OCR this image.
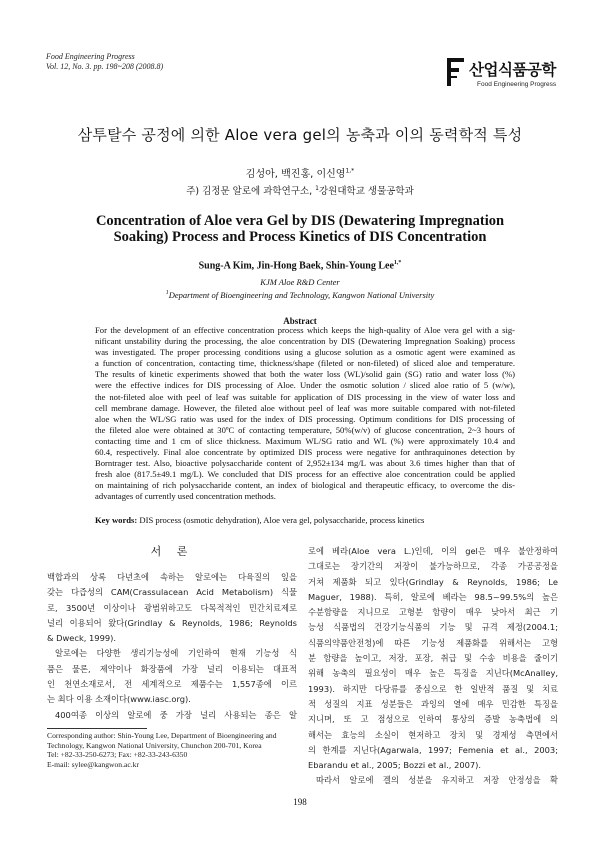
Food Engineering Progress
Vol. 12, No. 3. pp. 198~208 (2008.8)	산업식품공학
Food Engineering Progress
삼투탈수 공정에 의한 Aloe vera gel의 농축과 이의 동력학적 특성
김성아, 백진홍, 이신영$^{1,*}$
주) 김정문 알로에 과학연구소, $^1$강원대학교 생물공학과
Concentration of Aloe vera Gel by DIS (Dewatering Impregnation
Soaking) Process and Process Kinetics of DIS Concentration
Sung-A Kim, Jin-Hong Baek, Shin-Young Lee$^{1,*}$
KJM Aloe R&D Center
$^1$Department of Bioengineering and Technology, Kangwon National University
Abstract
For the development of an effective concentration process which keeps the high-quality of Aloe vera gel with a sig-
nificant unstability during the processing, the aloe concentration by DIS (Dewatering Impregnation Soaking) process
was investigated. The proper processing conditions using a glucose solution as a osmotic agent were examined as
a function of concentration, contacting time, thickness/shape (fileted or non-fileted) of sliced aloe and temperature.
The results of kinetic experiments showed that both the water loss (WL)/solid gain (SG) ratio and water loss (%)
were the effective indices for DIS processing of Aloe. Under the osmotic solution / sliced aloe ratio of 5 (w/w),
the not-fileted aloe with peel of leaf was suitable for application of DIS processing in the view of water loss and
cell membrane damage. However, the fileted aloe without peel of leaf was more suitable compared with not-fileted
aloe when the WL/SG ratio was used for the index of DIS processing. Optimum conditions for DIS processing of
the fileted aloe were obtained at 30ºC of contacting temperature, 50%(w/v) of glucose concentration, 2~3 hours of
contacting time and 1 cm of slice thickness. Maximum WL/SG ratio and WL (%) were approximately 10.4 and
60.4, respectively. Final aloe concentrate by optimized DIS process were negative for anthraquinones detection by
Borntrager test. Also, bioactive polysaccharide content of 2,952±134 mg/L was about 3.6 times higher than that of
fresh aloe (817.5±49.1 mg/L). We concluded that DIS process for an effective aloe concentration could be applied
on maintaining of rich polysaccharide content, an index of biological and therapeutic efficacy, to overcome the dis-
advantages of currently used concentration methods.
Key words: DIS process (osmotic dehydration), Aloe vera gel, polysaccharide, process kinetics
서 론
백합과의 상록 다년초에 속하는 알로에는 다육질의 잎을
갖는 다즙성의 CAM(Crassulacean Acid Metabolism) 식물
로, 3500년 이상이나 광범위하고도 다목적적인 민간치료제로
널리 이용되어 왔다(Grindlay & Reynolds, 1986; Reynolds
& Dweck, 1999).
알로에는 다양한 생리기능성에 기인하여 현재 기능성 식
품은 물론, 제약이나 화장품에 가장 널리 이용되는 대표적
인 천연소재로서, 전 세계적으로 제품수는 1,557종에 이르
는 최다 이용 소재이다(www.iasc.org).
400여종 이상의 알로에 중 가장 널리 사용되는 종은 알
로에 베라(Aloe vera L.)인데, 이의 gel은 매우 불안정하여
그대로는 장기간의 저장이 불가능하므로, 각종 가공공정을
거쳐 제품화 되고 있다(Grindlay & Reynolds, 1986; Le
Maguer, 1988). 특히, 알로에 베라는 98.5~99.5%의 높은
수분함량을 지니므로 고형분 함량이 매우 낮아서 최근 기
능성 식품법의 건강기능식품의 기능 및 규격 제정(2004.1;
식품의약품안전청)에 따른 기능성 제품화를 위해서는 고형
분 함량을 높이고, 저장, 포장, 취급 및 수송 비용을 줄이기
위해 농축의 필요성이 매우 높은 특징을 지닌다(McAnalley,
1993). 하지만 다당류를 중심으로 한 일반적 품질 및 치료
적 성질의 지표 성분들은 과잉의 열에 매우 민감한 특징을
지니며, 또 고 점성으로 인하여 통상의 증발 농축법에 의
해서는 효능의 소실이 현저하고 장치 및 경제성 측면에서
의 한계를 지닌다(Agarwala, 1997; Femenia et al., 2003;
Ebarandu et al., 2005; Bozzi et al., 2007).
따라서 알로에 겔의 성분을 유지하고 저장 안정성을 확
Corresponding author: Shin-Young Lee, Department of Bioengineering and
Technology, Kangwon National University, Chunchon 200-701, Korea
Tel: +82-33-250-6273; Fax: +82-33-243-6350
E-mail: sylee@kangwon.ac.kr
198
